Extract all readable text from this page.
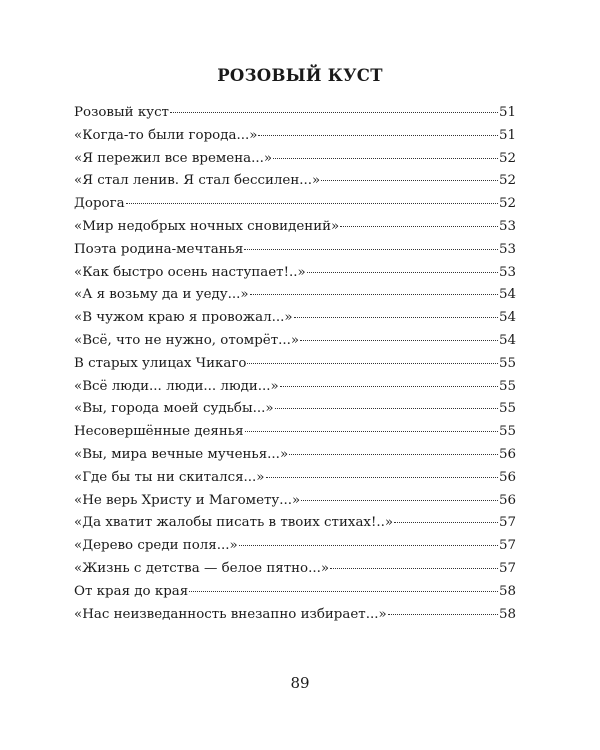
РОЗОВЫЙ КУСТ
Розовый куст	51
«Когда-то были города...»	51
«Я пережил все времена...»	52
«Я стал ленив. Я стал бессилен...»	52
Дорога	52
«Мир недобрых ночных сновидений»	53
Поэта родина-мечтанья	53
«Как быстро осень наступает!..»	53
«А я возьму да и уеду...»	54
«В чужом краю я провожал...»	54
«Всё, что не нужно, отомрёт...»	54
В старых улицах Чикаго	55
«Всё люди... люди... люди...»	55
«Вы, города моей судьбы...»	55
Несовершённые деянья	55
«Вы, мира вечные мученья...»	56
«Где бы ты ни скитался...»	56
«Не верь Христу и Магомету...»	56
«Да хватит жалобы писать в твоих стихах!..»	57
«Дерево среди поля...»	57
«Жизнь с детства — белое пятно...»	57
От края до края	58
«Нас неизведанность внезапно избирает...»	58
89
